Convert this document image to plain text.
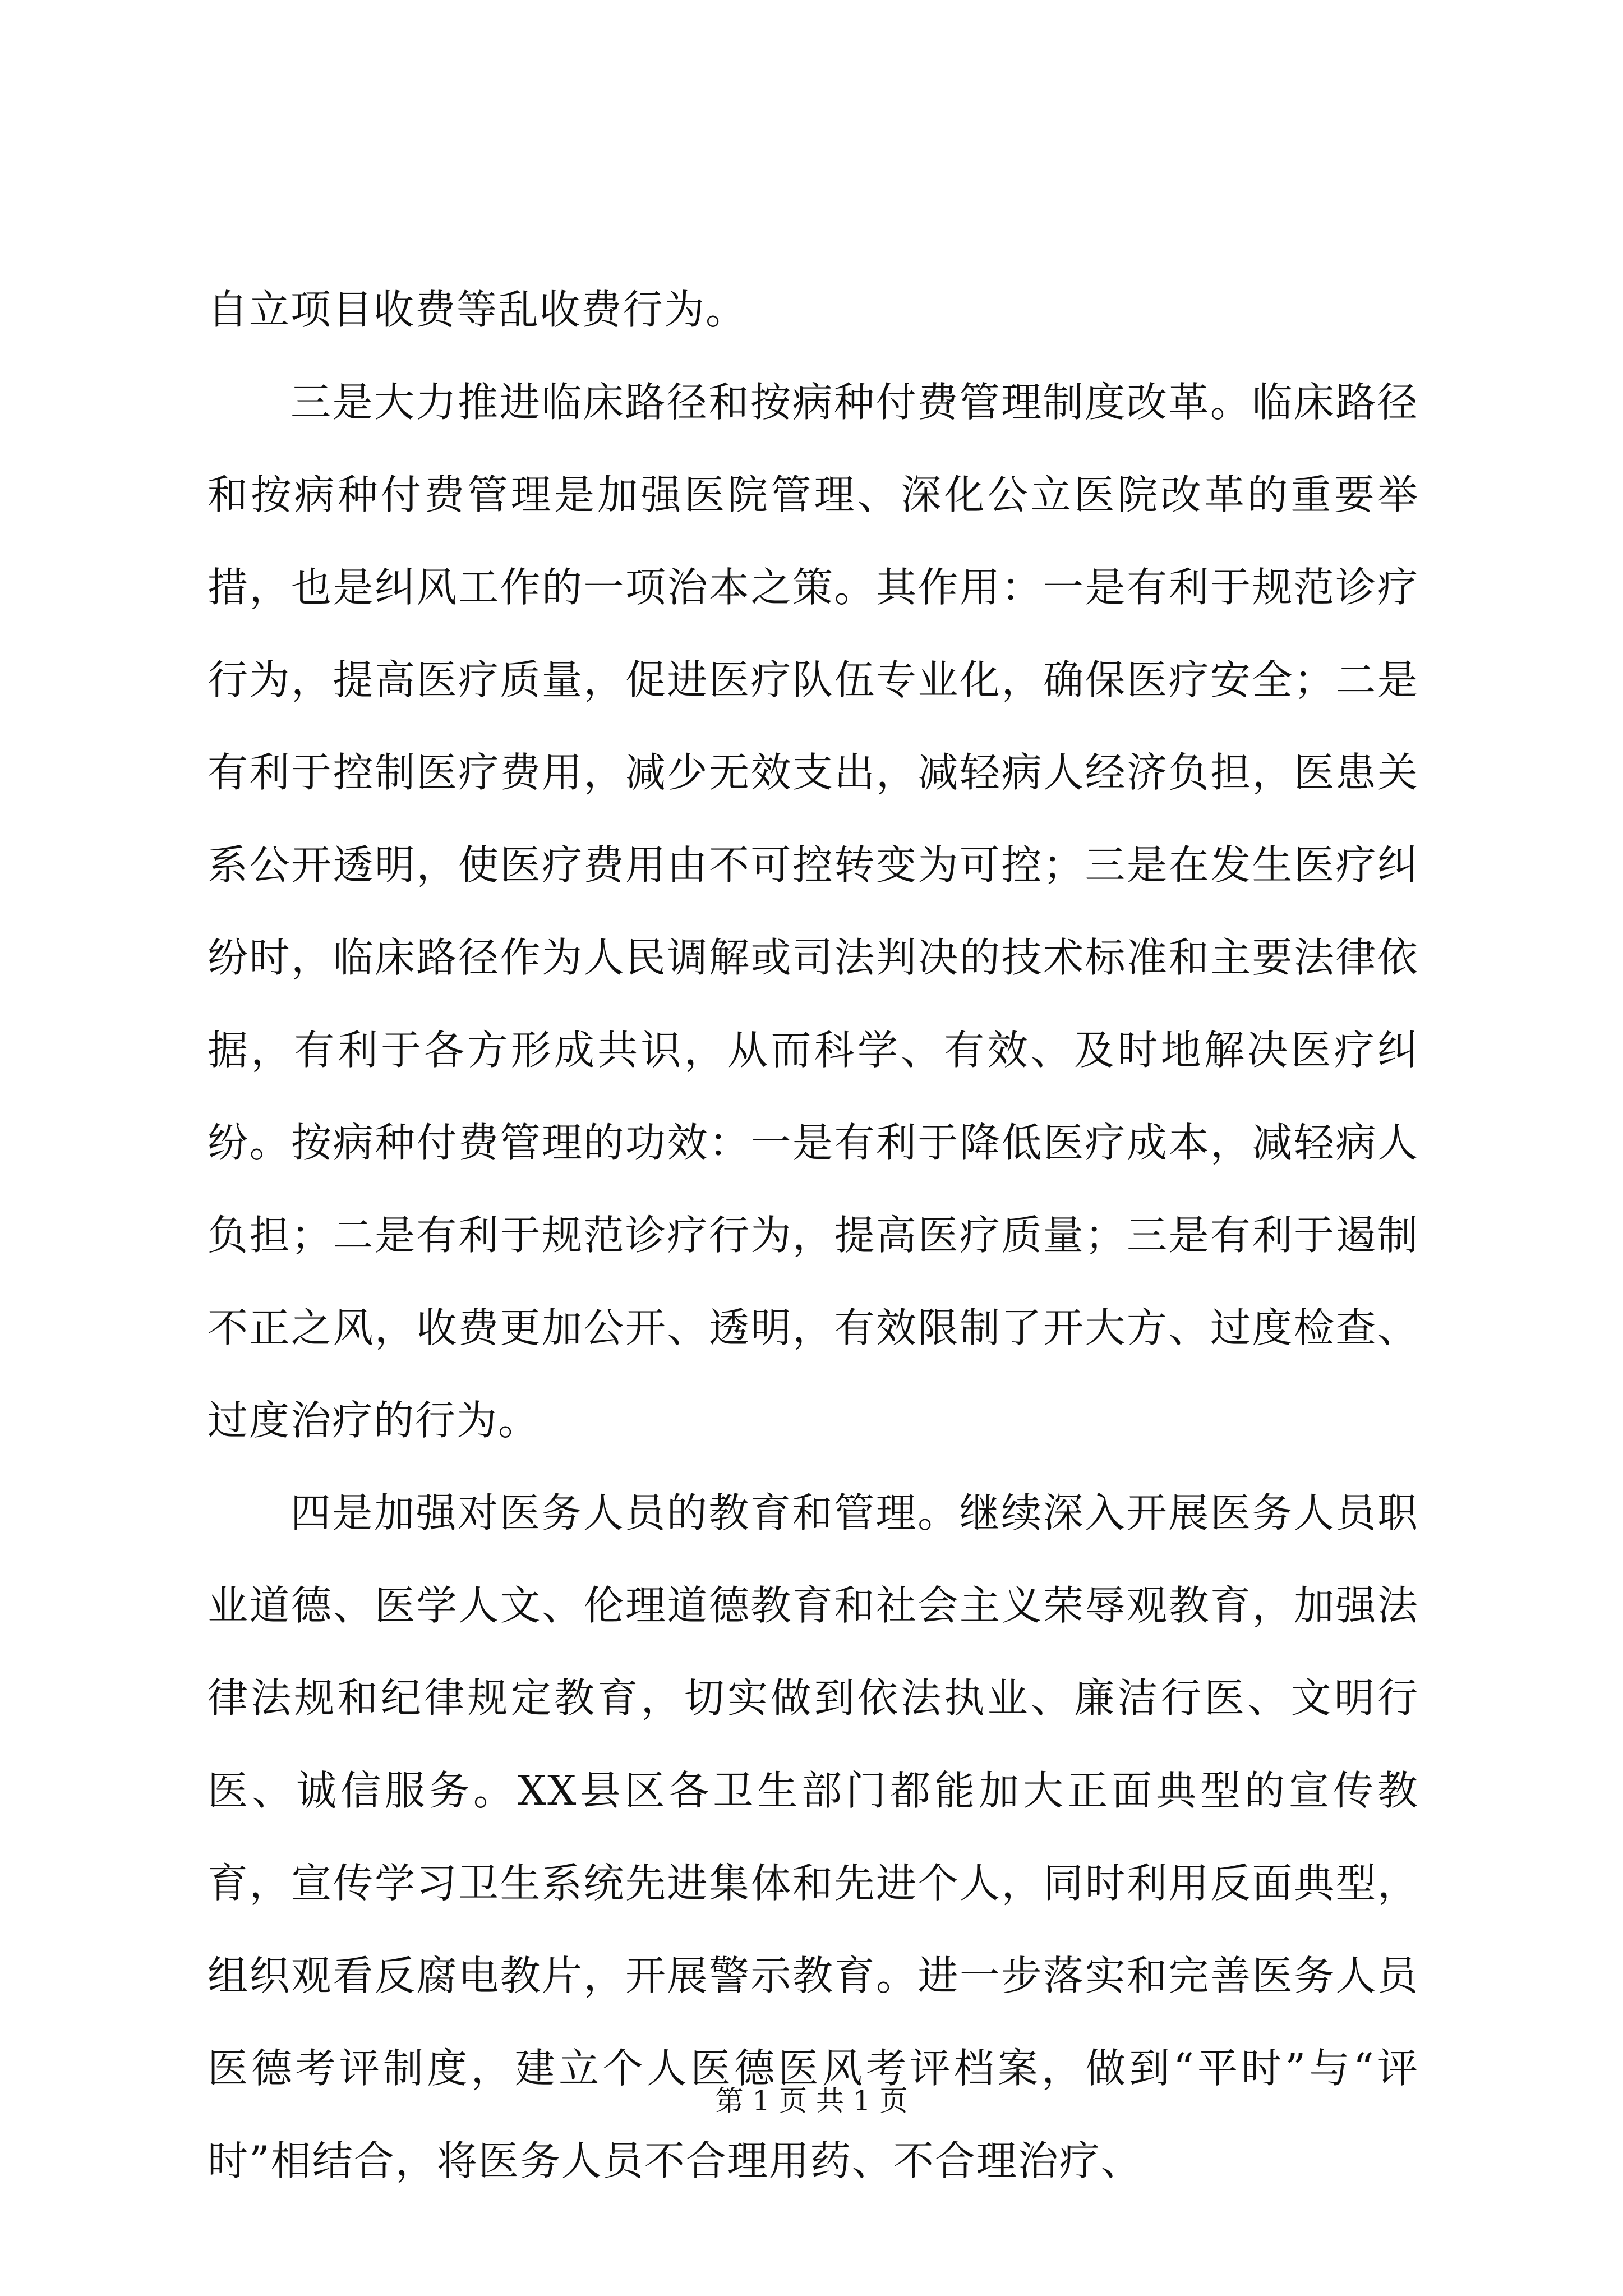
自立项目收费等乱收费行为。

三是大力推进临床路径和按病种付费管理制度改革。临床路径和按病种付费管理是加强医院管理、深化公立医院改革的重要举措，也是纠风工作的一项治本之策。其作用：一是有利于规范诊疗行为，提高医疗质量，促进医疗队伍专业化，确保医疗安全；二是有利于控制医疗费用，减少无效支出，减轻病人经济负担，医患关系公开透明，使医疗费用由不可控转变为可控；三是在发生医疗纠纷时，临床路径作为人民调解或司法判决的技术标准和主要法律依据，有利于各方形成共识，从而科学、有效、及时地解决医疗纠纷。按病种付费管理的功效：一是有利于降低医疗成本，减轻病人负担；二是有利于规范诊疗行为，提高医疗质量；三是有利于遏制不正之风，收费更加公开、透明，有效限制了开大方、过度检查、过度治疗的行为。

四是加强对医务人员的教育和管理。继续深入开展医务人员职业道德、医学人文、伦理道德教育和社会主义荣辱观教育，加强法律法规和纪律规定教育，切实做到依法执业、廉洁行医、文明行医、诚信服务。XX县区各卫生部门都能加大正面典型的宣传教育，宣传学习卫生系统先进集体和先进个人，同时利用反面典型，组织观看反腐电教片，开展警示教育。进一步落实和完善医务人员医德考评制度，建立个人医德医风考评档案，做到“平时”与“评时”相结合，将医务人员不合理用药、不合理治疗、

第 1 页 共 1 页
